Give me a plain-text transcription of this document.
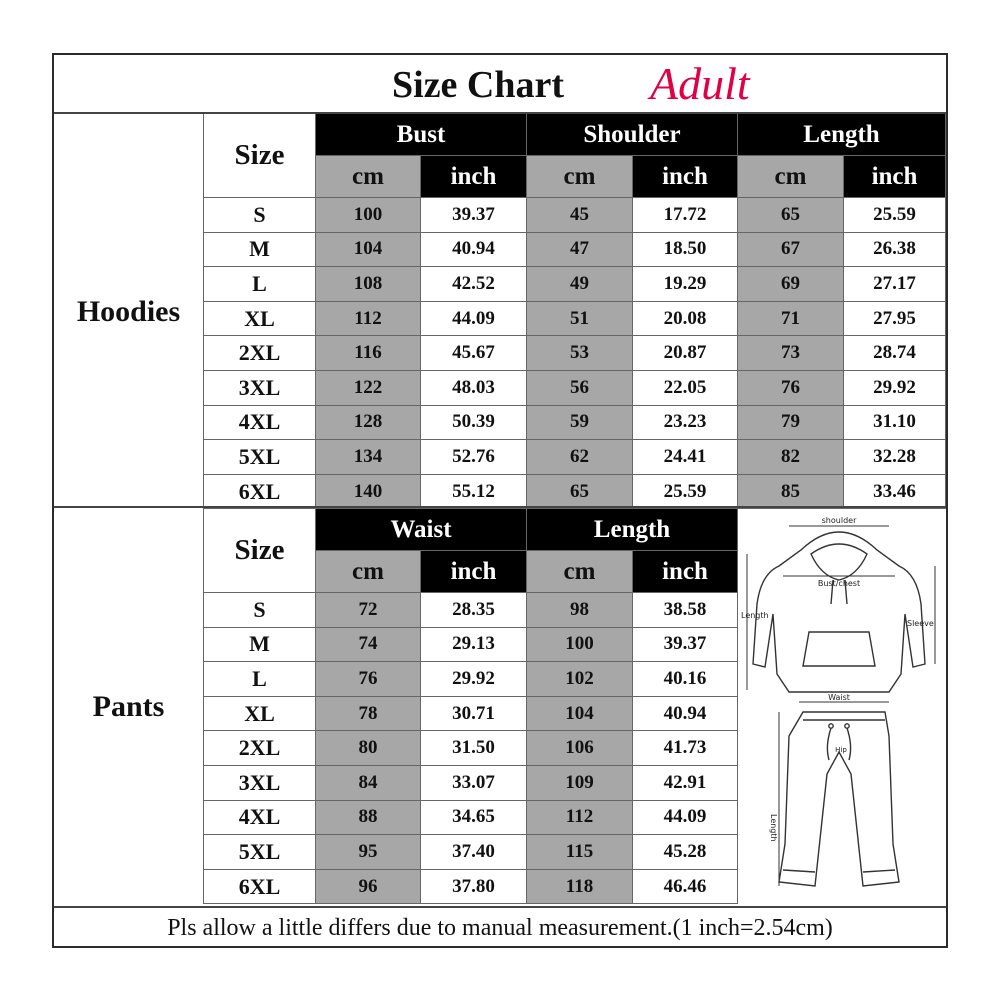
Size Chart Adult
Hoodies
Size
Bust	Shoulder	Length
cm	inch	cm	inch	cm	inch
S	100	39.37	45	17.72	65	25.59
M	104	40.94	47	18.50	67	26.38
L	108	42.52	49	19.29	69	27.17
XL	112	44.09	51	20.08	71	27.95
2XL	116	45.67	53	20.87	73	28.74
3XL	122	48.03	56	22.05	76	29.92
4XL	128	50.39	59	23.23	79	31.10
5XL	134	52.76	62	24.41	82	32.28
6XL	140	55.12	65	25.59	85	33.46
Pants
Size
Waist	Length
cm	inch	cm	inch
S	72	28.35	98	38.58
M	74	29.13	100	39.37
L	76	29.92	102	40.16
XL	78	30.71	104	40.94
2XL	80	31.50	106	41.73
3XL	84	33.07	109	42.91
4XL	88	34.65	112	44.09
5XL	95	37.40	115	45.28
6XL	96	37.80	118	46.46
shoulder
Bust/chest
Length
Sleeve
Waist
Hip
Length
Pls allow a little differs due to manual measurement.(1 inch=2.54cm)
